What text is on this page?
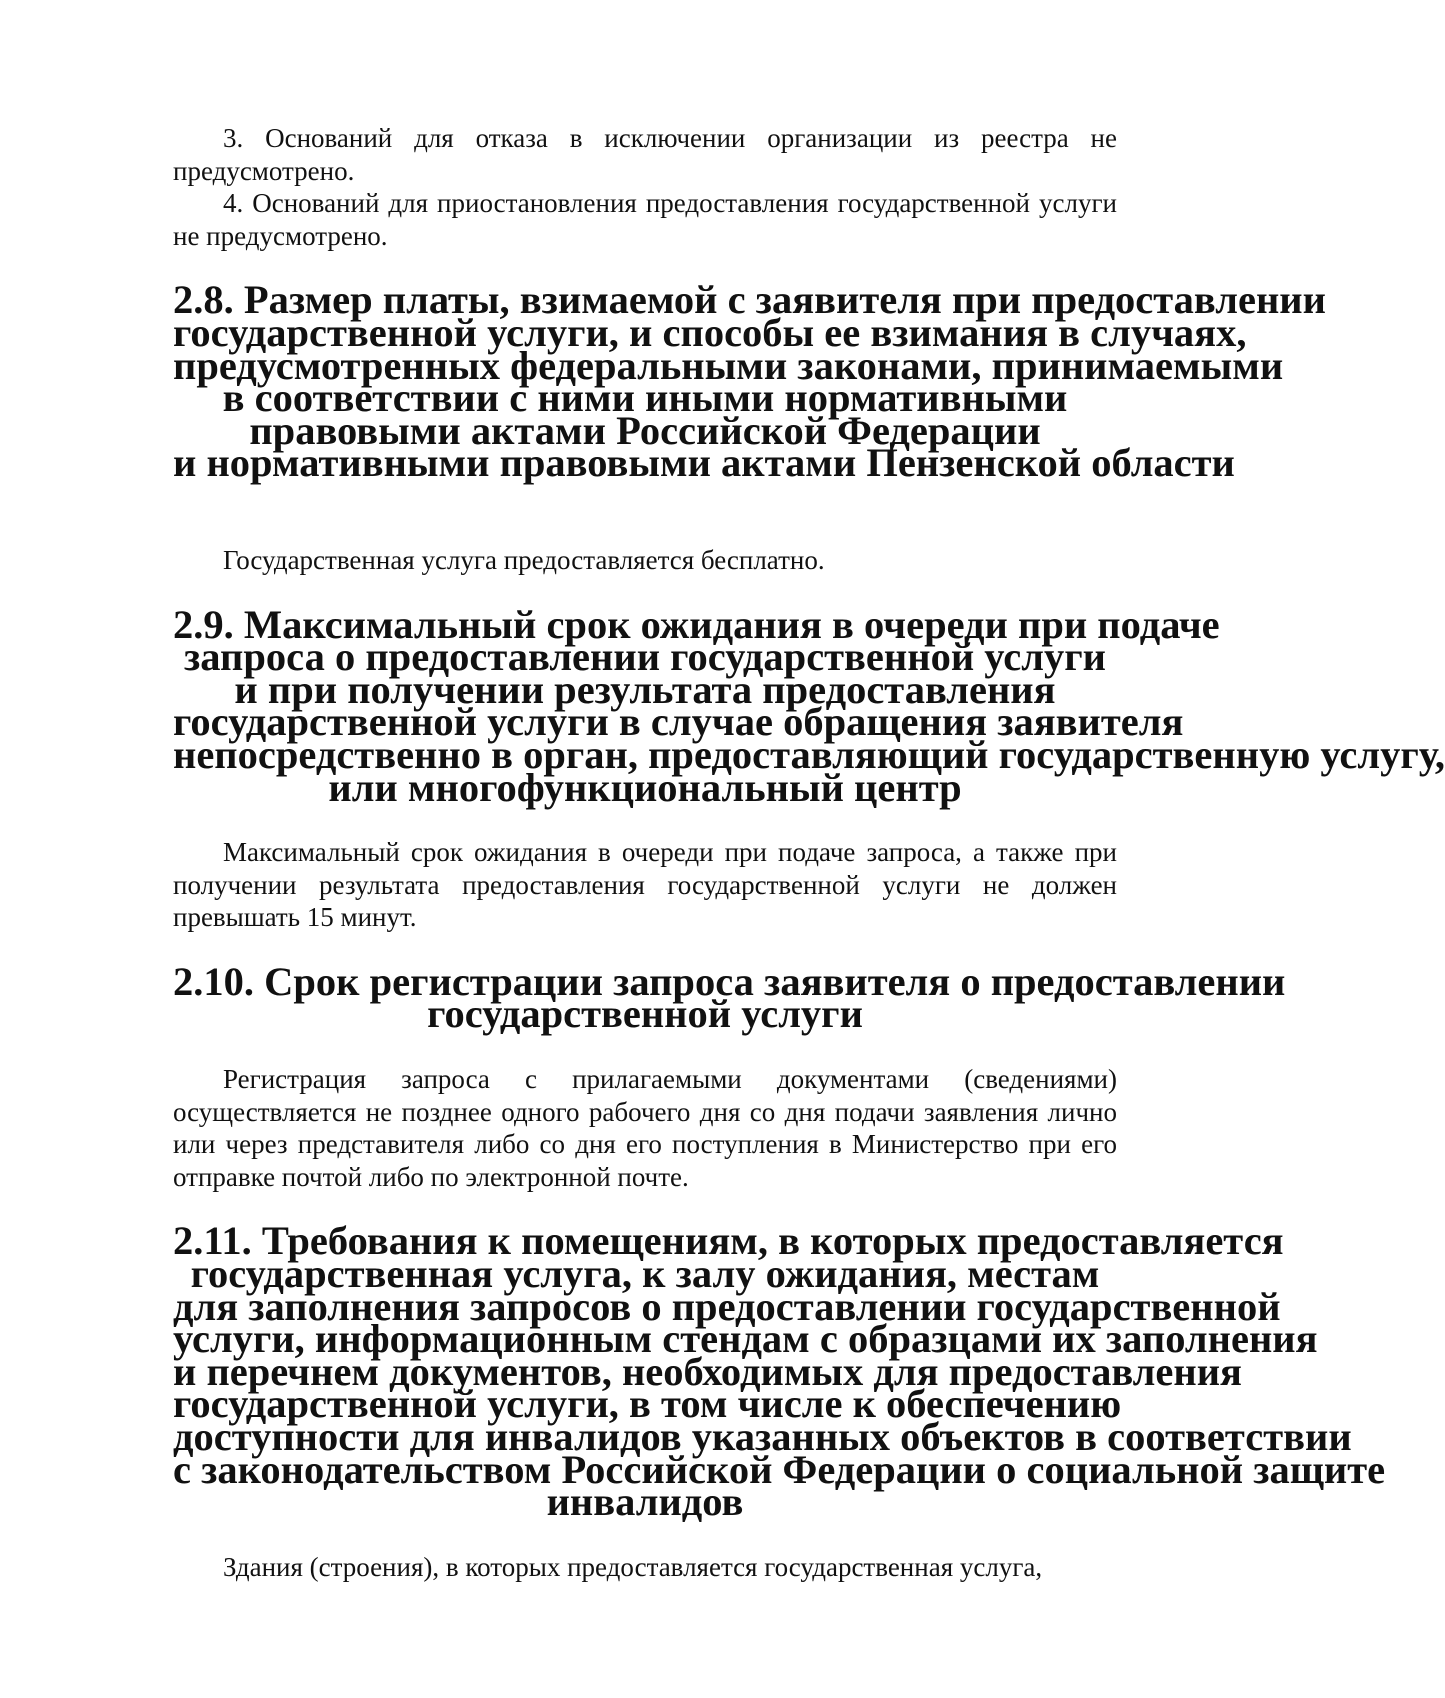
3. Оснований для отказа в исключении организации из реестра не предусмотрено.

4. Оснований для приостановления предоставления государственной услуги не предусмотрено.

2.8. Размер платы, взимаемой с заявителя при предоставлении
государственной услуги, и способы ее взимания в случаях,
предусмотренных федеральными законами, принимаемыми
в соответствии с ними иными нормативными
правовыми актами Российской Федерации
и нормативными правовыми актами Пензенской области

Государственная услуга предоставляется бесплатно.

2.9. Максимальный срок ожидания в очереди при подаче
запроса о предоставлении государственной услуги
и при получении результата предоставления
государственной услуги в случае обращения заявителя
непосредственно в орган, предоставляющий государственную услугу,
или многофункциональный центр

Максимальный срок ожидания в очереди при подаче запроса, а также при получении результата предоставления государственной услуги не должен превышать 15 минут.

2.10. Срок регистрации запроса заявителя о предоставлении
государственной услуги

Регистрация запроса с прилагаемыми документами (сведениями) осуществляется не позднее одного рабочего дня со дня подачи заявления лично или через представителя либо со дня его поступления в Министерство при его отправке почтой либо по электронной почте.

2.11. Требования к помещениям, в которых предоставляется
государственная услуга, к залу ожидания, местам
для заполнения запросов о предоставлении государственной
услуги, информационным стендам с образцами их заполнения
и перечнем документов, необходимых для предоставления
государственной услуги, в том числе к обеспечению
доступности для инвалидов указанных объектов в соответствии
с законодательством Российской Федерации о социальной защите
инвалидов

Здания (строения), в которых предоставляется государственная услуга,
